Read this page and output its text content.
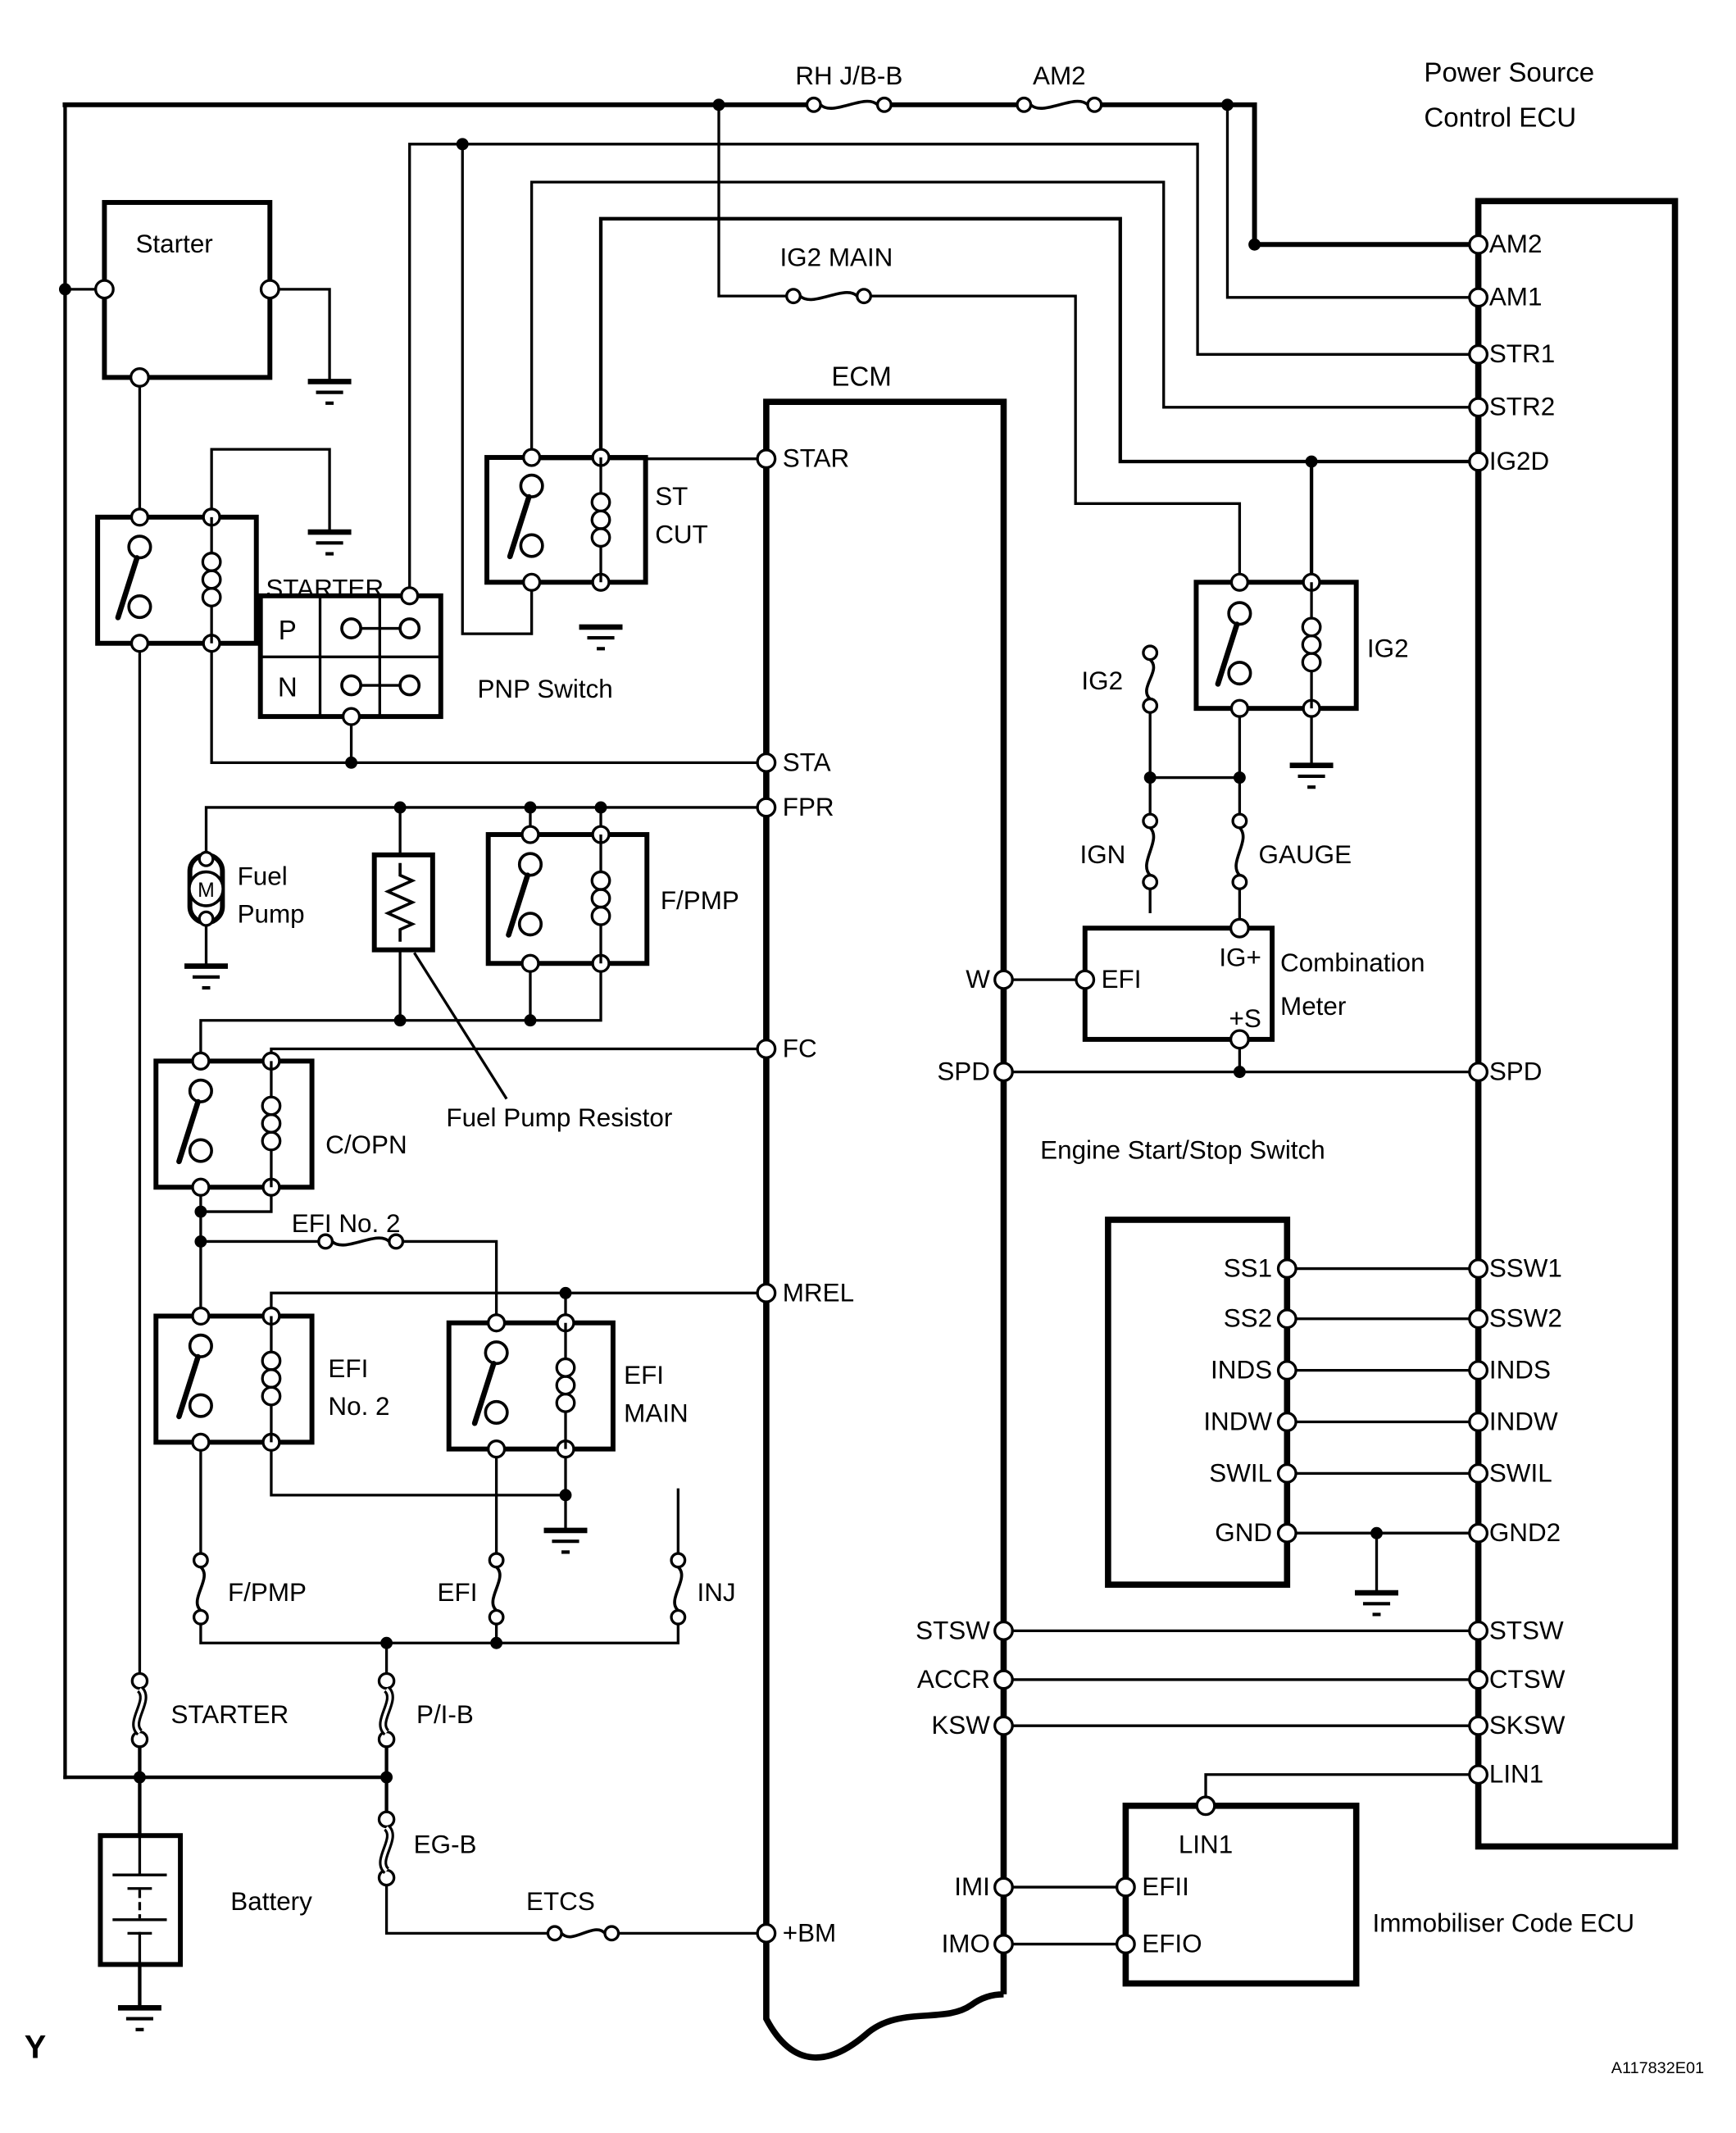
ECM
Power Source
Control ECU
Starter
STARTER
ST
CUT
IG2
F/PMP
C/OPN
EFI
No. 2
EFI
MAIN
P
N	PNP Switch
M
Fuel
Pump
Fuel Pump Resistor
EFI
IG+
+S
Combination
Meter
Engine Start/Stop Switch
SS1
SS2
INDS
INDW
SWIL
GND
LIN1
EFII
EFIO
Immobiliser Code ECU
Battery
IG2
IGN	GAUGE
F/PMP	EFI	INJ
STARTER	P/I-B
EG-B
RH J/B-B	AM2
IG2 MAIN
EFI No. 2
ETCS
STAR
STA
FPR
FC
MREL
+BM
W
SPD
STSW
ACCR
KSW
IMI
IMO
AM2
AM1
STR1
STR2
IG2D
SPD
SSW1
SSW2
INDS
INDW
SWIL
GND2
STSW
CTSW
SKSW
LIN1
Y
A117832E01
